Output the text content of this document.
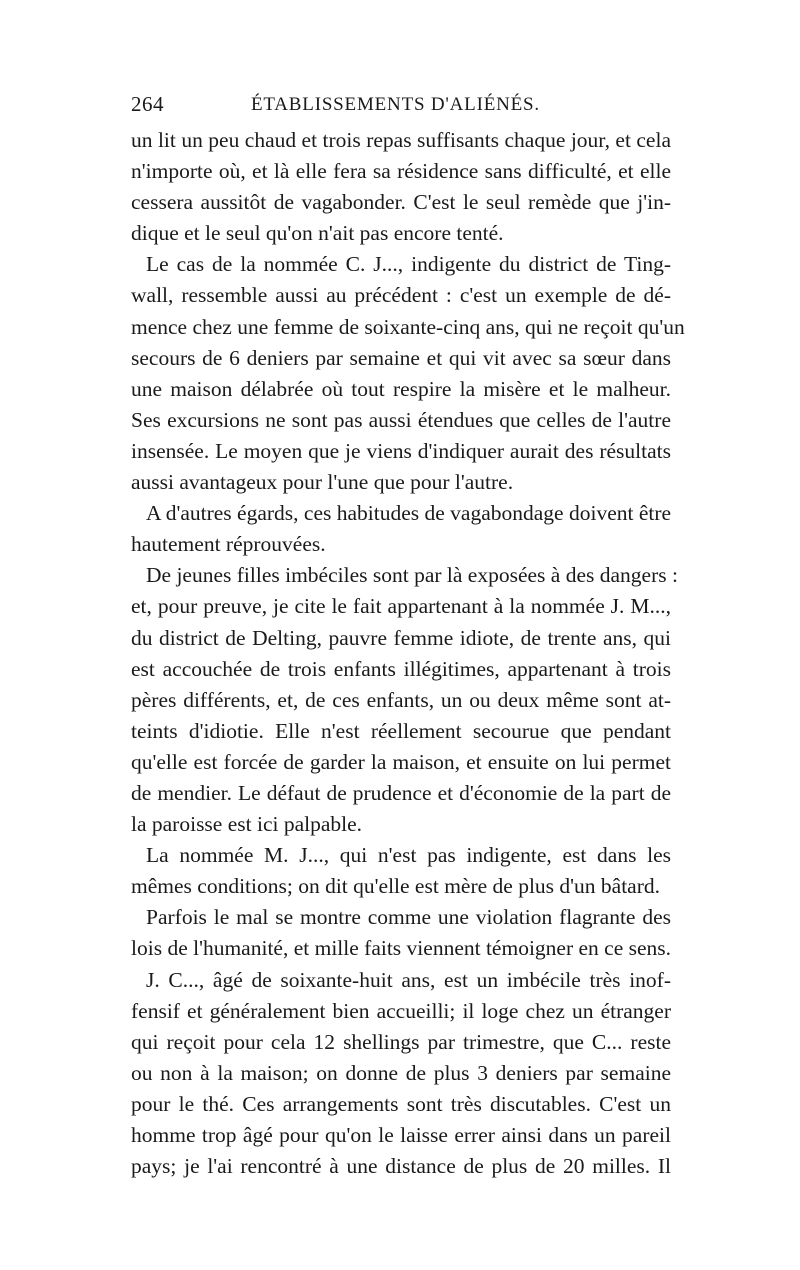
264	ÉTABLISSEMENTS D'ALIÉNÉS.
un lit un peu chaud et trois repas suffisants chaque jour, et cela
n'importe où, et là elle fera sa résidence sans difficulté, et elle
cessera aussitôt de vagabonder. C'est le seul remède que j'in-
dique et le seul qu'on n'ait pas encore tenté.
Le cas de la nommée C. J..., indigente du district de Ting-
wall, ressemble aussi au précédent : c'est un exemple de dé-
mence chez une femme de soixante-cinq ans, qui ne reçoit qu'un
secours de 6 deniers par semaine et qui vit avec sa sœur dans
une maison délabrée où tout respire la misère et le malheur.
Ses excursions ne sont pas aussi étendues que celles de l'autre
insensée. Le moyen que je viens d'indiquer aurait des résultats
aussi avantageux pour l'une que pour l'autre.
A d'autres égards, ces habitudes de vagabondage doivent être
hautement réprouvées.
De jeunes filles imbéciles sont par là exposées à des dangers :
et, pour preuve, je cite le fait appartenant à la nommée J. M...,
du district de Delting, pauvre femme idiote, de trente ans, qui
est accouchée de trois enfants illégitimes, appartenant à trois
pères différents, et, de ces enfants, un ou deux même sont at-
teints d'idiotie. Elle n'est réellement secourue que pendant
qu'elle est forcée de garder la maison, et ensuite on lui permet
de mendier. Le défaut de prudence et d'économie de la part de
la paroisse est ici palpable.
La nommée M. J..., qui n'est pas indigente, est dans les
mêmes conditions; on dit qu'elle est mère de plus d'un bâtard.
Parfois le mal se montre comme une violation flagrante des
lois de l'humanité, et mille faits viennent témoigner en ce sens.
J. C..., âgé de soixante-huit ans, est un imbécile très inof-
fensif et généralement bien accueilli; il loge chez un étranger
qui reçoit pour cela 12 shellings par trimestre, que C... reste
ou non à la maison; on donne de plus 3 deniers par semaine
pour le thé. Ces arrangements sont très discutables. C'est un
homme trop âgé pour qu'on le laisse errer ainsi dans un pareil
pays; je l'ai rencontré à une distance de plus de 20 milles. Il
